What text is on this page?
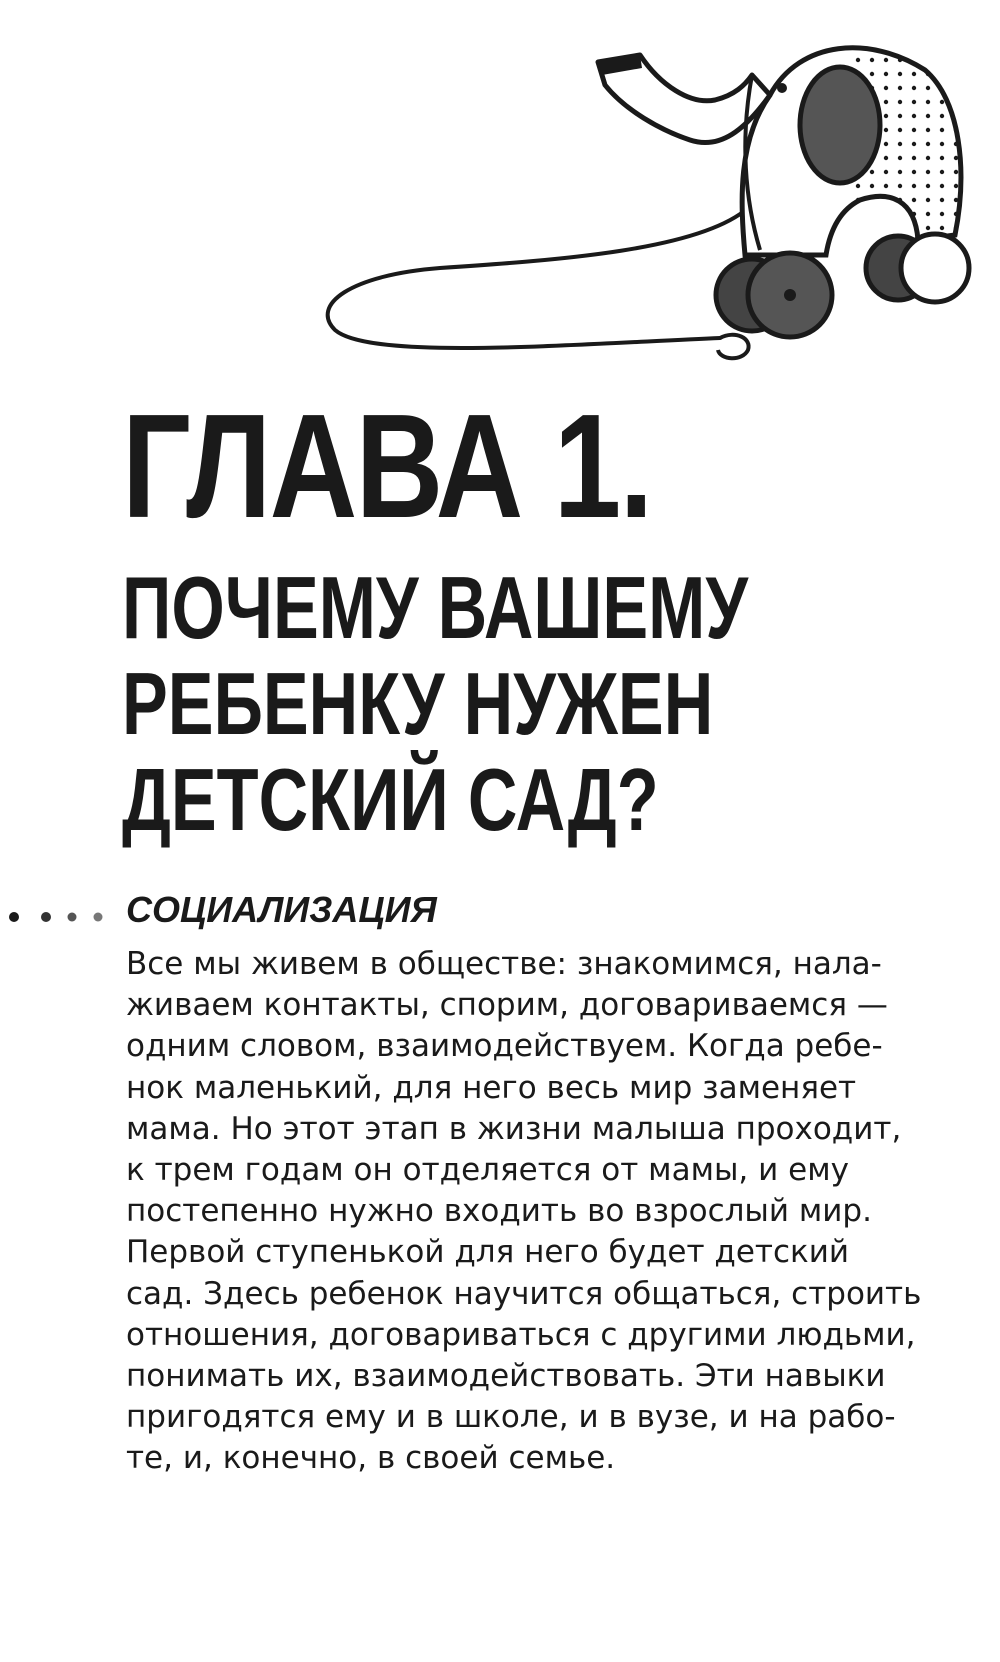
ГЛАВА 1.
ПОЧЕМУ ВАШЕМУ
РЕБЕНКУ НУЖЕН
ДЕТСКИЙ САД?
СОЦИАЛИЗАЦИЯ
Все мы живем в обществе: знакомимся, нала-
живаем контакты, спорим, договариваемся —
одним словом, взаимодействуем. Когда ребе-
нок маленький, для него весь мир заменяет
мама. Но этот этап в жизни малыша проходит,
к трем годам он отделяется от мамы, и ему
постепенно нужно входить во взрослый мир.
Первой ступенькой для него будет детский
сад. Здесь ребенок научится общаться, строить
отношения, договариваться с другими людьми,
понимать их, взаимодействовать. Эти навыки
пригодятся ему и в школе, и в вузе, и на рабо-
те, и, конечно, в своей семье.
